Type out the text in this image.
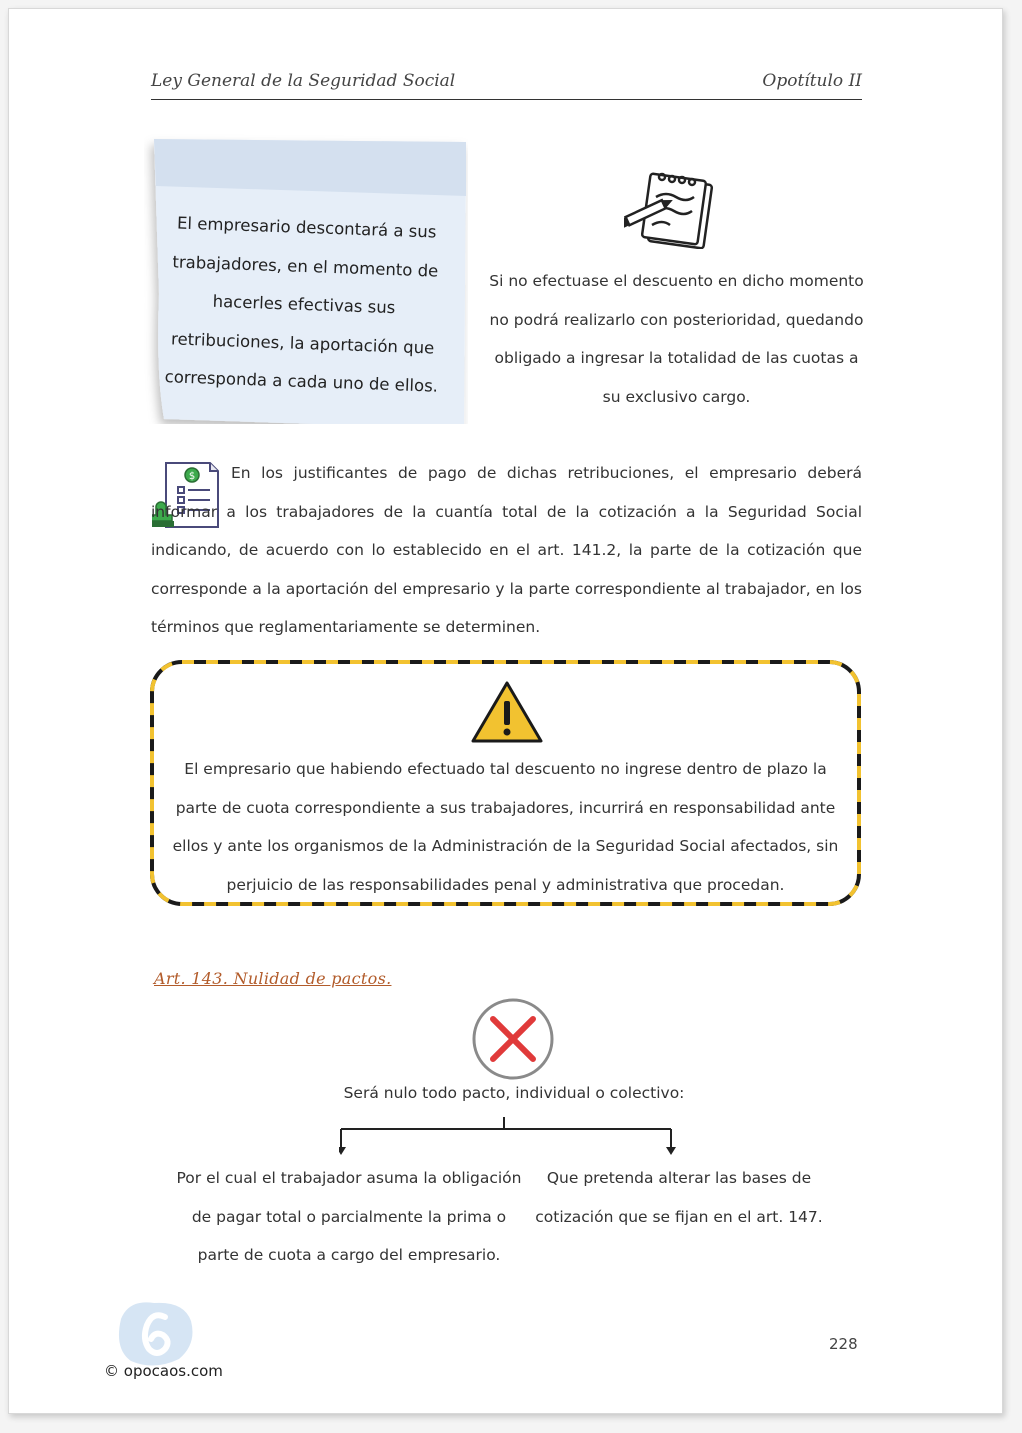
Ley General de la Seguridad Social	Opotítulo II
El empresario descontará a sus trabajadores, en el momento de hacerles efectivas sus retribuciones, la aportación que corresponda a cada uno de ellos.
Si no efectuase el descuento en dicho momento no podrá realizarlo con posterioridad, quedando obligado a ingresar la totalidad de las cuotas a su exclusivo cargo.
$	En los justificantes de pago de dichas retribuciones, el empresario deberá informar a los trabajadores de la cuantía total de la cotización a la Seguridad Social indicando, de acuerdo con lo establecido en el art. 141.2, la parte de la cotización que corresponde a la aportación del empresario y la parte correspondiente al trabajador, en los términos que reglamentariamente se determinen.
El empresario que habiendo efectuado tal descuento no ingrese dentro de plazo la parte de cuota correspondiente a sus trabajadores, incurrirá en responsabilidad ante ellos y ante los organismos de la Administración de la Seguridad Social afectados, sin perjuicio de las responsabilidades penal y administrativa que procedan.
Art. 143. Nulidad de pactos.
Será nulo todo pacto, individual o colectivo:
Por el cual el trabajador asuma la obligación de pagar total o parcialmente la prima o parte de cuota a cargo del empresario.
Que pretenda alterar las bases de cotización que se fijan en el art. 147.
© opocaos.com
228
